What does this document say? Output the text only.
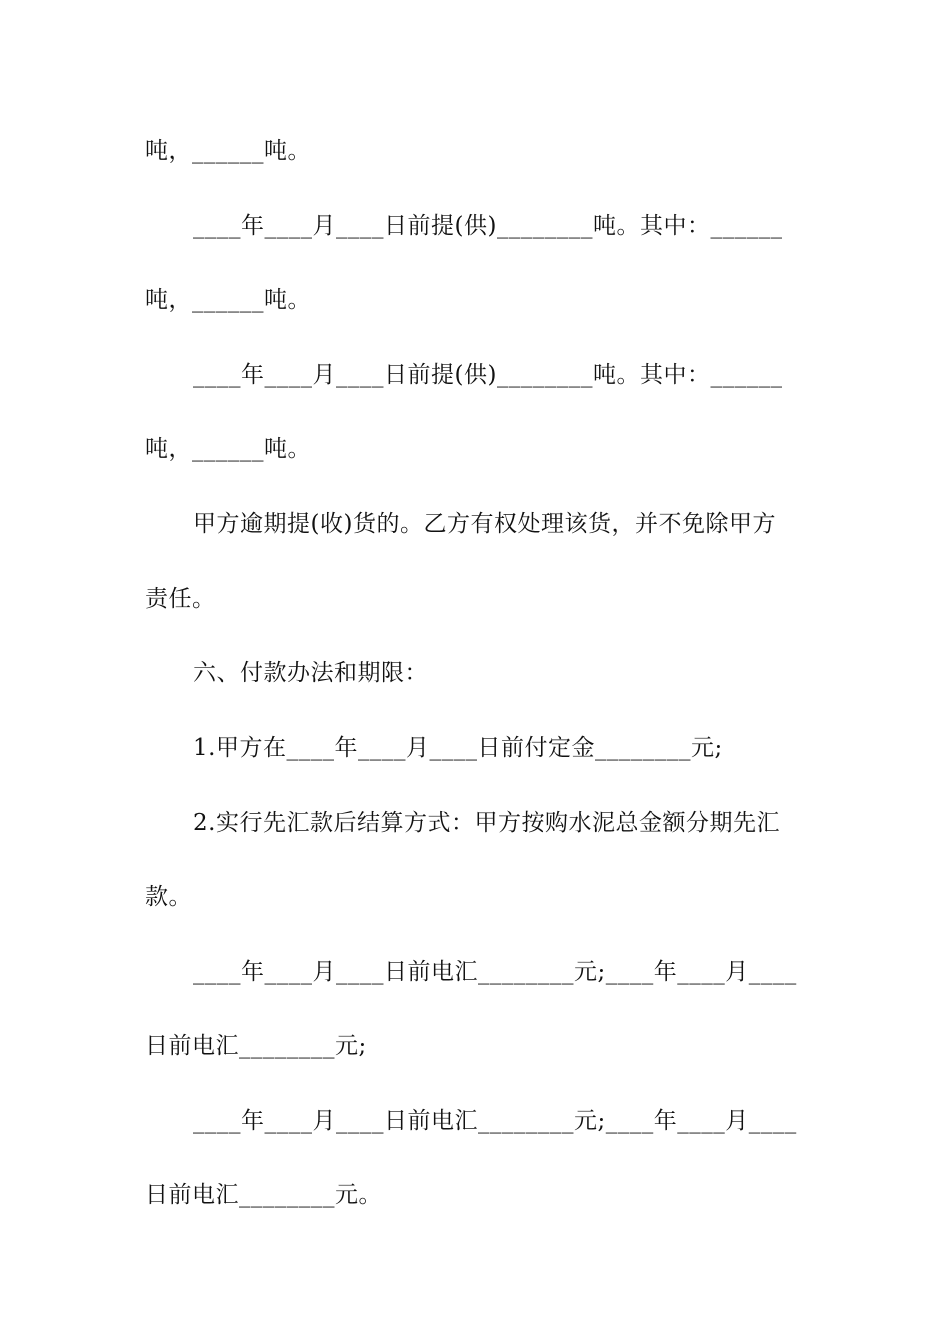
吨，______吨。
____年____月____日前提(供)________吨。其中：______
吨，______吨。
____年____月____日前提(供)________吨。其中：______
吨，______吨。
甲方逾期提(收)货的。乙方有权处理该货，并不免除甲方
责任。
六、付款办法和期限：
1.甲方在____年____月____日前付定金________元;
2.实行先汇款后结算方式：甲方按购水泥总金额分期先汇
款。
____年____月____日前电汇________元;____年____月____
日前电汇________元;
____年____月____日前电汇________元;____年____月____
日前电汇________元。
